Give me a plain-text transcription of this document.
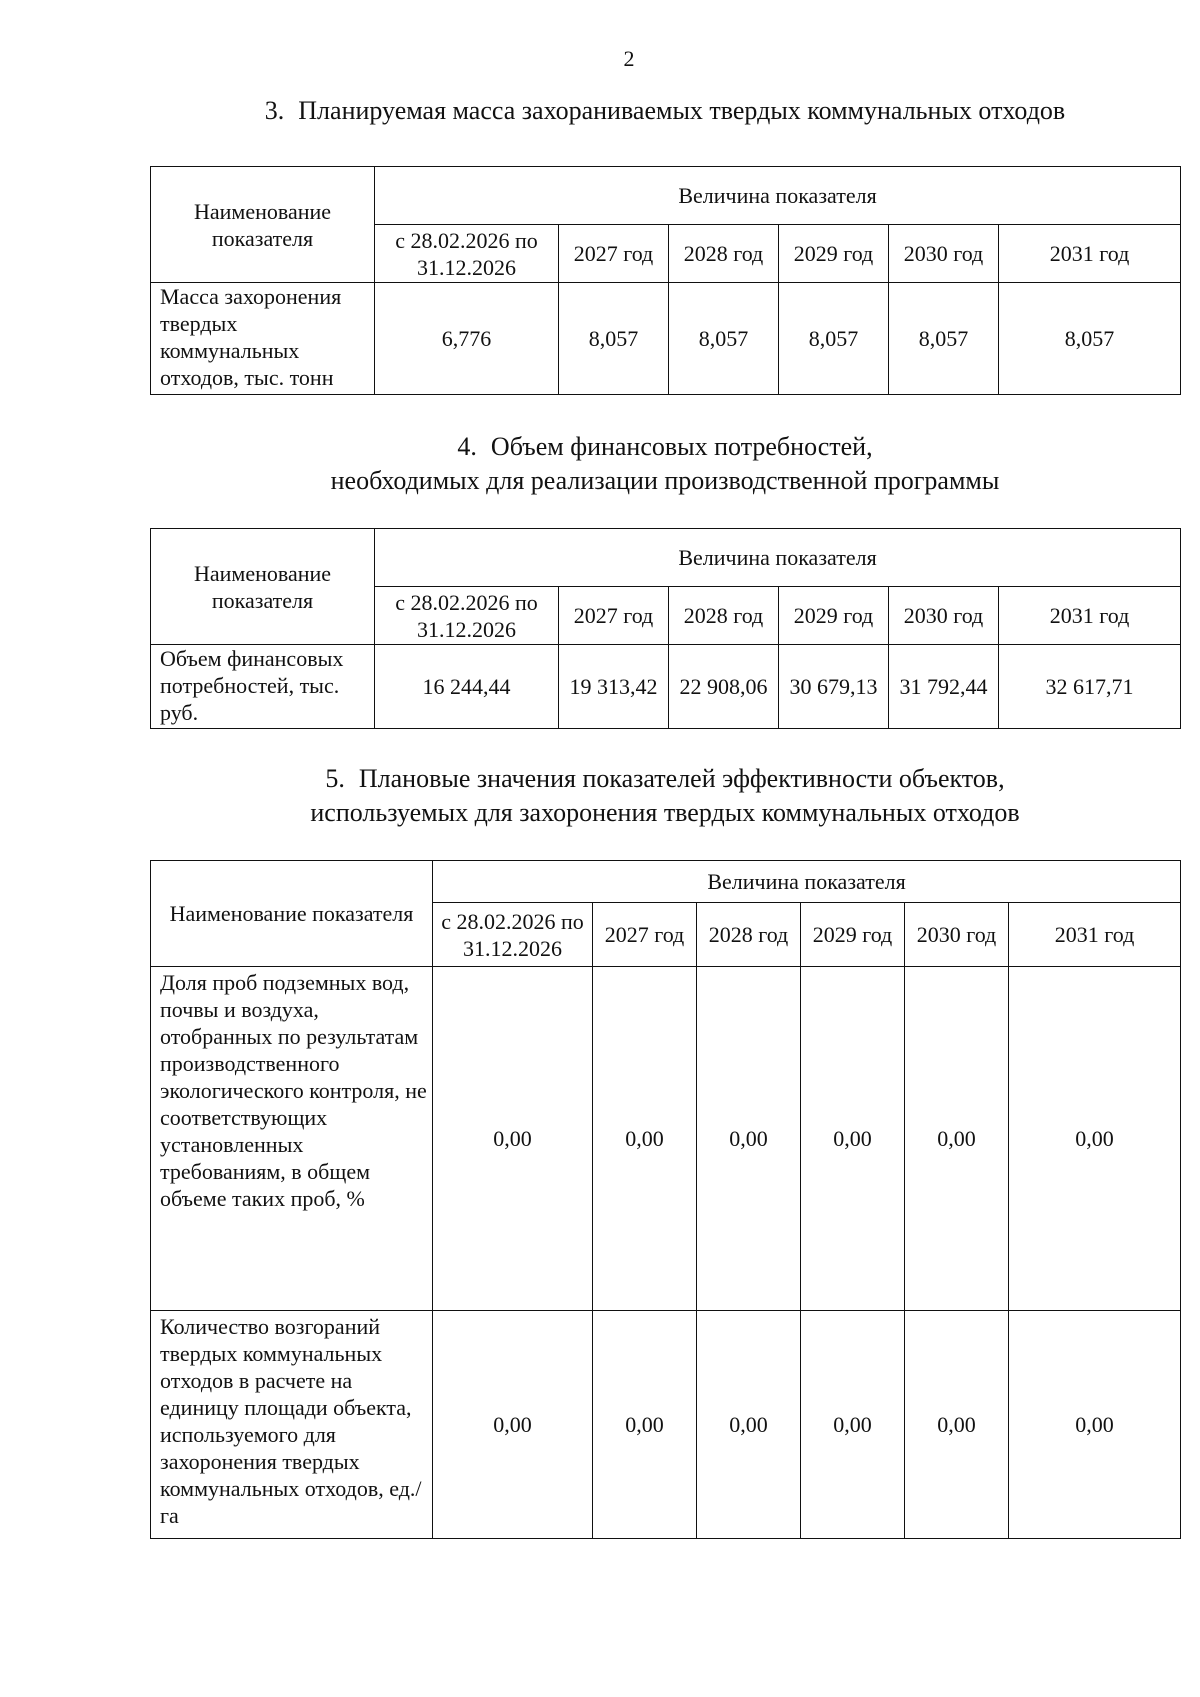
2
3. Планируемая масса захораниваемых твердых коммунальных отходов
Наименование показателя	Величина показателя					
	с 28.02.2026 по 31.12.2026	2027 год	2028 год	2029 год	2030 год	2031 год
Масса захоронения твердых коммунальных отходов, тыс. тонн	6,776	8,057	8,057	8,057	8,057	8,057
4. Объем финансовых потребностей,
необходимых для реализации производственной программы
Наименование показателя	Величина показателя					
	с 28.02.2026 по 31.12.2026	2027 год	2028 год	2029 год	2030 год	2031 год
Объем финансовых потребностей, тыс. руб.	16 244,44	19 313,42	22 908,06	30 679,13	31 792,44	32 617,71
5. Плановые значения показателей эффективности объектов,
используемых для захоронения твердых коммунальных отходов
Наименование показателя	Величина показателя					
	с 28.02.2026 по 31.12.2026	2027 год	2028 год	2029 год	2030 год	2031 год
Доля проб подземных вод, почвы и воздуха, отобранных по результатам производственного экологического контроля, не соответствующих установленных требованиям, в общем объеме таких проб, %	0,00	0,00	0,00	0,00	0,00	0,00
Количество возгораний твердых коммунальных отходов в расчете на единицу площади объекта, используемого для захоронения твердых коммунальных отходов, ед./га	0,00	0,00	0,00	0,00	0,00	0,00
